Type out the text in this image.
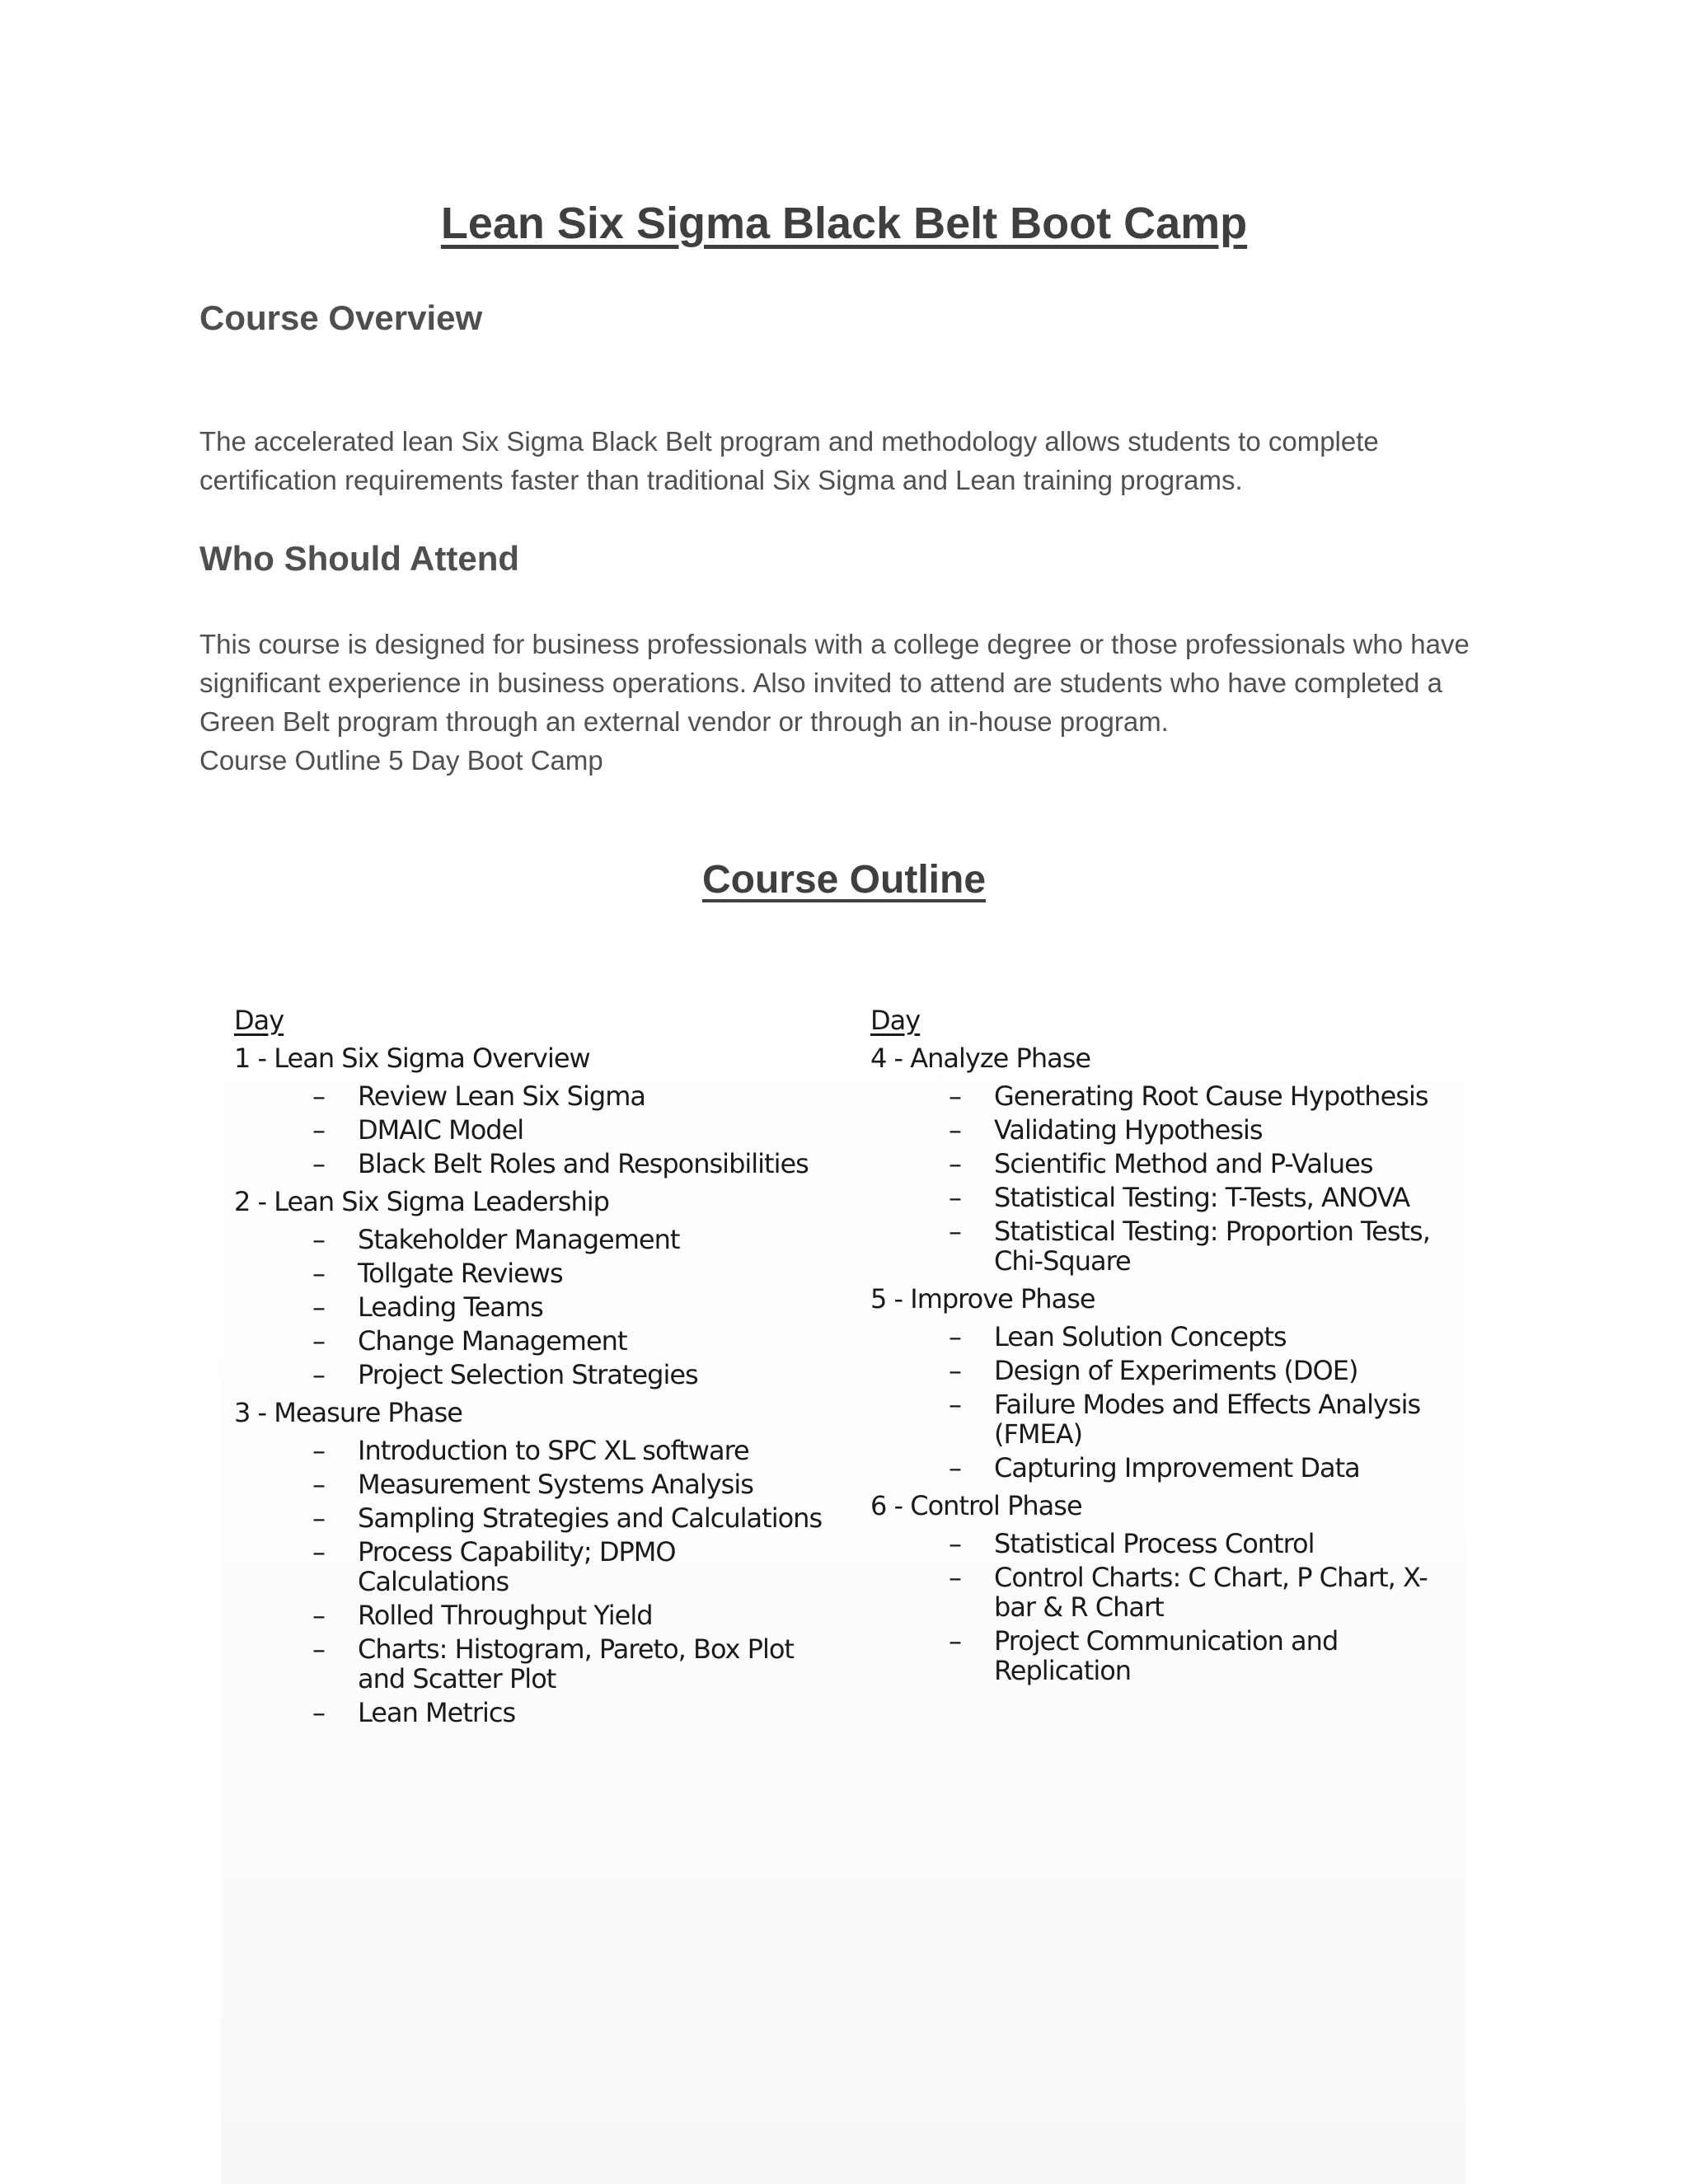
Lean Six Sigma Black Belt Boot Camp
Course Overview

The accelerated lean Six Sigma Black Belt program and methodology allows students to complete certification requirements faster than traditional Six Sigma and Lean training programs.

Who Should Attend

This course is designed for business professionals with a college degree or those professionals who have significant experience in business operations. Also invited to attend are students who have completed a Green Belt program through an external vendor or through an in-house program.

Course Outline 5 Day Boot Camp

Course Outline
Day
1 - Lean Six Sigma Overview
–	Review Lean Six Sigma
–	DMAIC Model
–	Black Belt Roles and Responsibilities
2 - Lean Six Sigma Leadership
–	Stakeholder Management
–	Tollgate Reviews
–	Leading Teams
–	Change Management
–	Project Selection Strategies
3 - Measure Phase
–	Introduction to SPC XL software
–	Measurement Systems Analysis
–	Sampling Strategies and Calculations
–	Process Capability; DPMO Calculations
–	Rolled Throughput Yield
–	Charts: Histogram, Pareto, Box Plot and Scatter Plot
–	Lean Metrics
Day
4 - Analyze Phase
–	Generating Root Cause Hypothesis
–	Validating Hypothesis
–	Scientific Method and P-Values
–	Statistical Testing: T-Tests, ANOVA
–	Statistical Testing: Proportion Tests, Chi-Square
5 - Improve Phase
–	Lean Solution Concepts
–	Design of Experiments (DOE)
–	Failure Modes and Effects Analysis (FMEA)
–	Capturing Improvement Data
6 - Control Phase
–	Statistical Process Control
–	Control Charts: C Chart, P Chart, X-bar & R Chart
–	Project Communication and Replication
